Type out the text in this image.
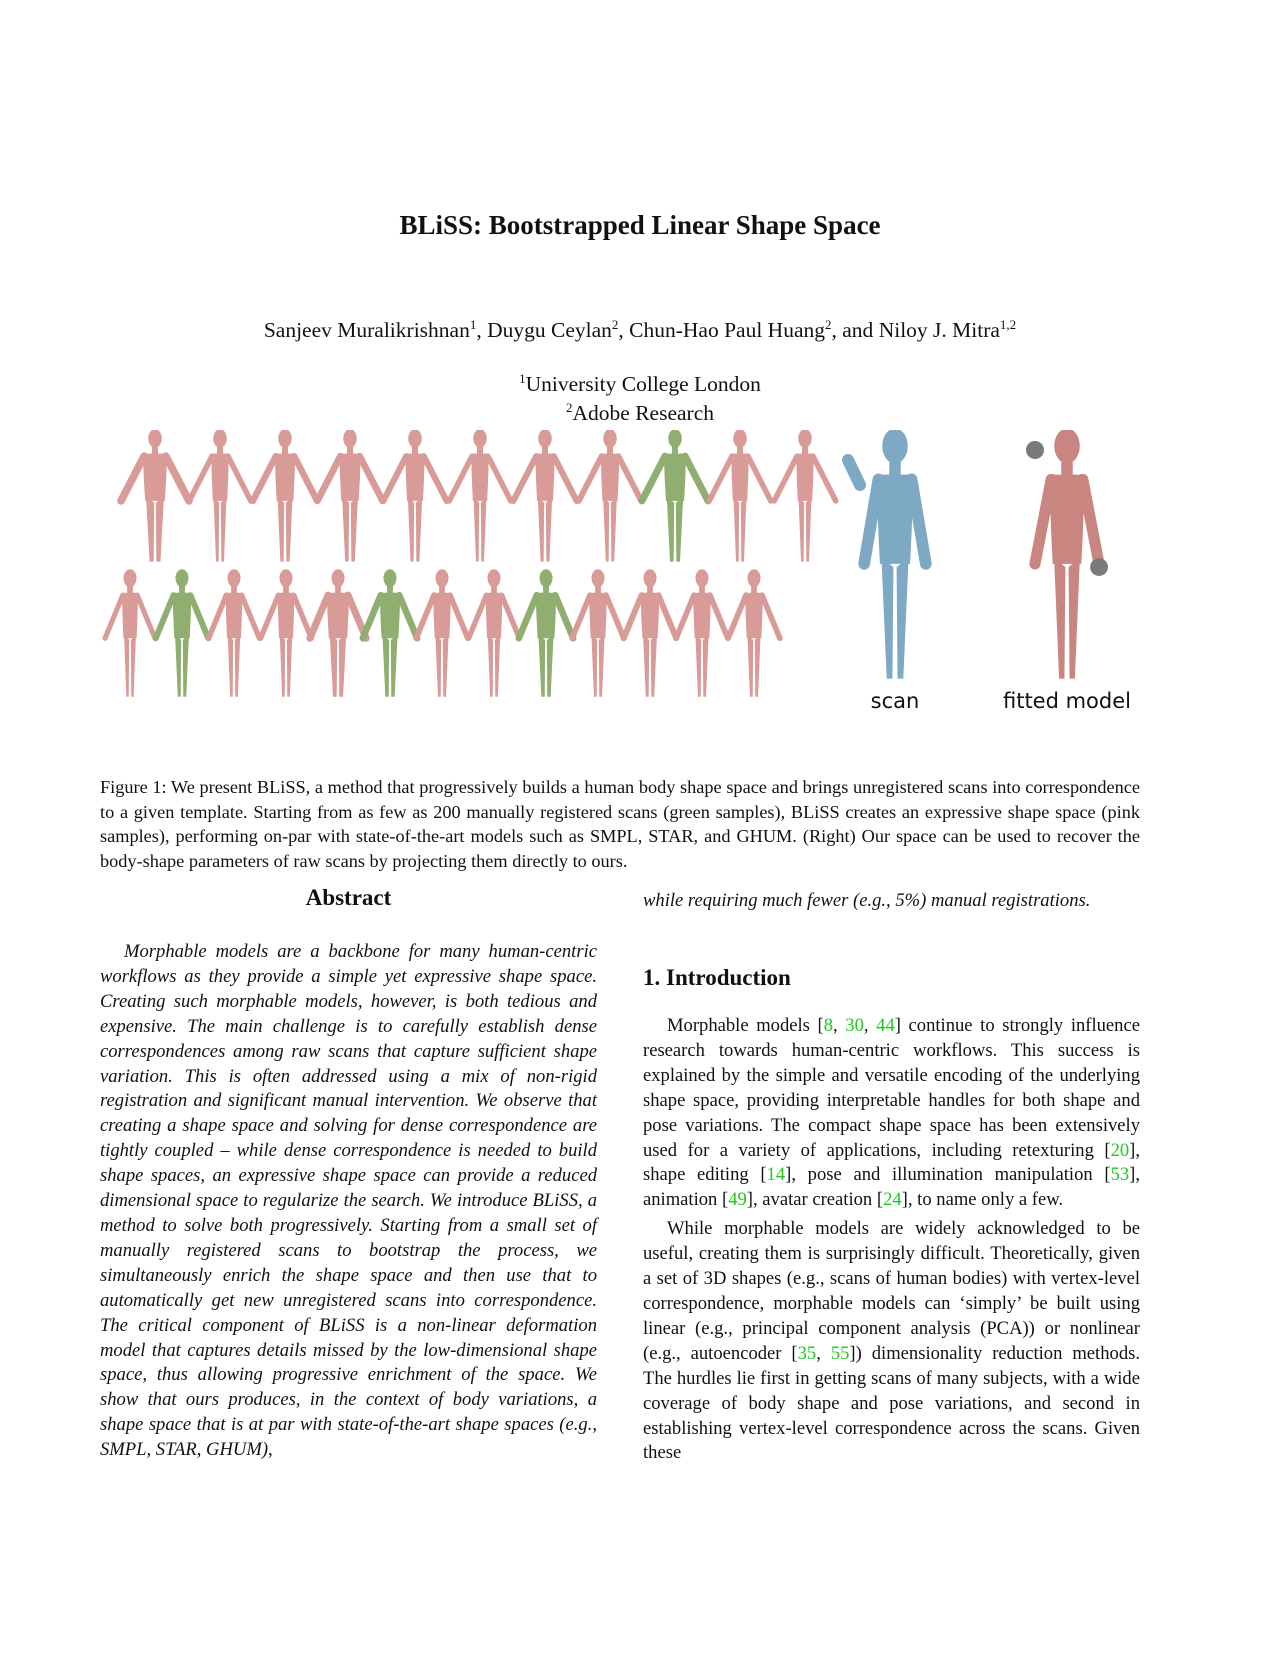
BLiSS: Bootstrapped Linear Shape Space
Sanjeev Muralikrishnan$^1$, Duygu Ceylan$^2$, Chun-Hao Paul Huang$^2$, and Niloy J. Mitra$^{1,2}$
$^1$University College London
$^2$Adobe Research
scan	fitted model
Figure 1: We present BLiSS, a method that progressively builds a human body shape space and brings unregistered scans into correspondence to a given template. Starting from as few as 200 manually registered scans (green samples), BLiSS creates an expressive shape space (pink samples), performing on-par with state-of-the-art models such as SMPL, STAR, and GHUM. (Right) Our space can be used to recover the body-shape parameters of raw scans by projecting them directly to ours.
Abstract
Morphable models are a backbone for many human-centric workflows as they provide a simple yet expressive shape space. Creating such morphable models, however, is both tedious and expensive. The main challenge is to carefully establish dense correspondences among raw scans that capture sufficient shape variation. This is often addressed using a mix of non-rigid registration and significant manual intervention. We observe that creating a shape space and solving for dense correspondence are tightly coupled – while dense correspondence is needed to build shape spaces, an expressive shape space can provide a reduced dimensional space to regularize the search. We introduce BLiSS, a method to solve both progressively. Starting from a small set of manually registered scans to bootstrap the process, we simultaneously enrich the shape space and then use that to automatically get new unregistered scans into correspondence. The critical component of BLiSS is a non-linear deformation model that captures details missed by the low-dimensional shape space, thus allowing progressive enrichment of the space. We show that ours produces, in the context of body variations, a shape space that is at par with state-of-the-art shape spaces (e.g., SMPL, STAR, GHUM),
while requiring much fewer (e.g., 5%) manual registrations.
1. Introduction

Morphable models [8, 30, 44] continue to strongly influence research towards human-centric workflows. This success is explained by the simple and versatile encoding of the underlying shape space, providing interpretable handles for both shape and pose variations. The compact shape space has been extensively used for a variety of applications, including retexturing [20], shape editing [14], pose and illumination manipulation [53], animation [49], avatar creation [24], to name only a few.

While morphable models are widely acknowledged to be useful, creating them is surprisingly difficult. Theoretically, given a set of 3D shapes (e.g., scans of human bodies) with vertex-level correspondence, morphable models can ‘simply’ be built using linear (e.g., principal component analysis (PCA)) or nonlinear (e.g., autoencoder [35, 55]) dimensionality reduction methods. The hurdles lie first in getting scans of many subjects, with a wide coverage of body shape and pose variations, and second in establishing vertex-level correspondence across the scans. Given these
